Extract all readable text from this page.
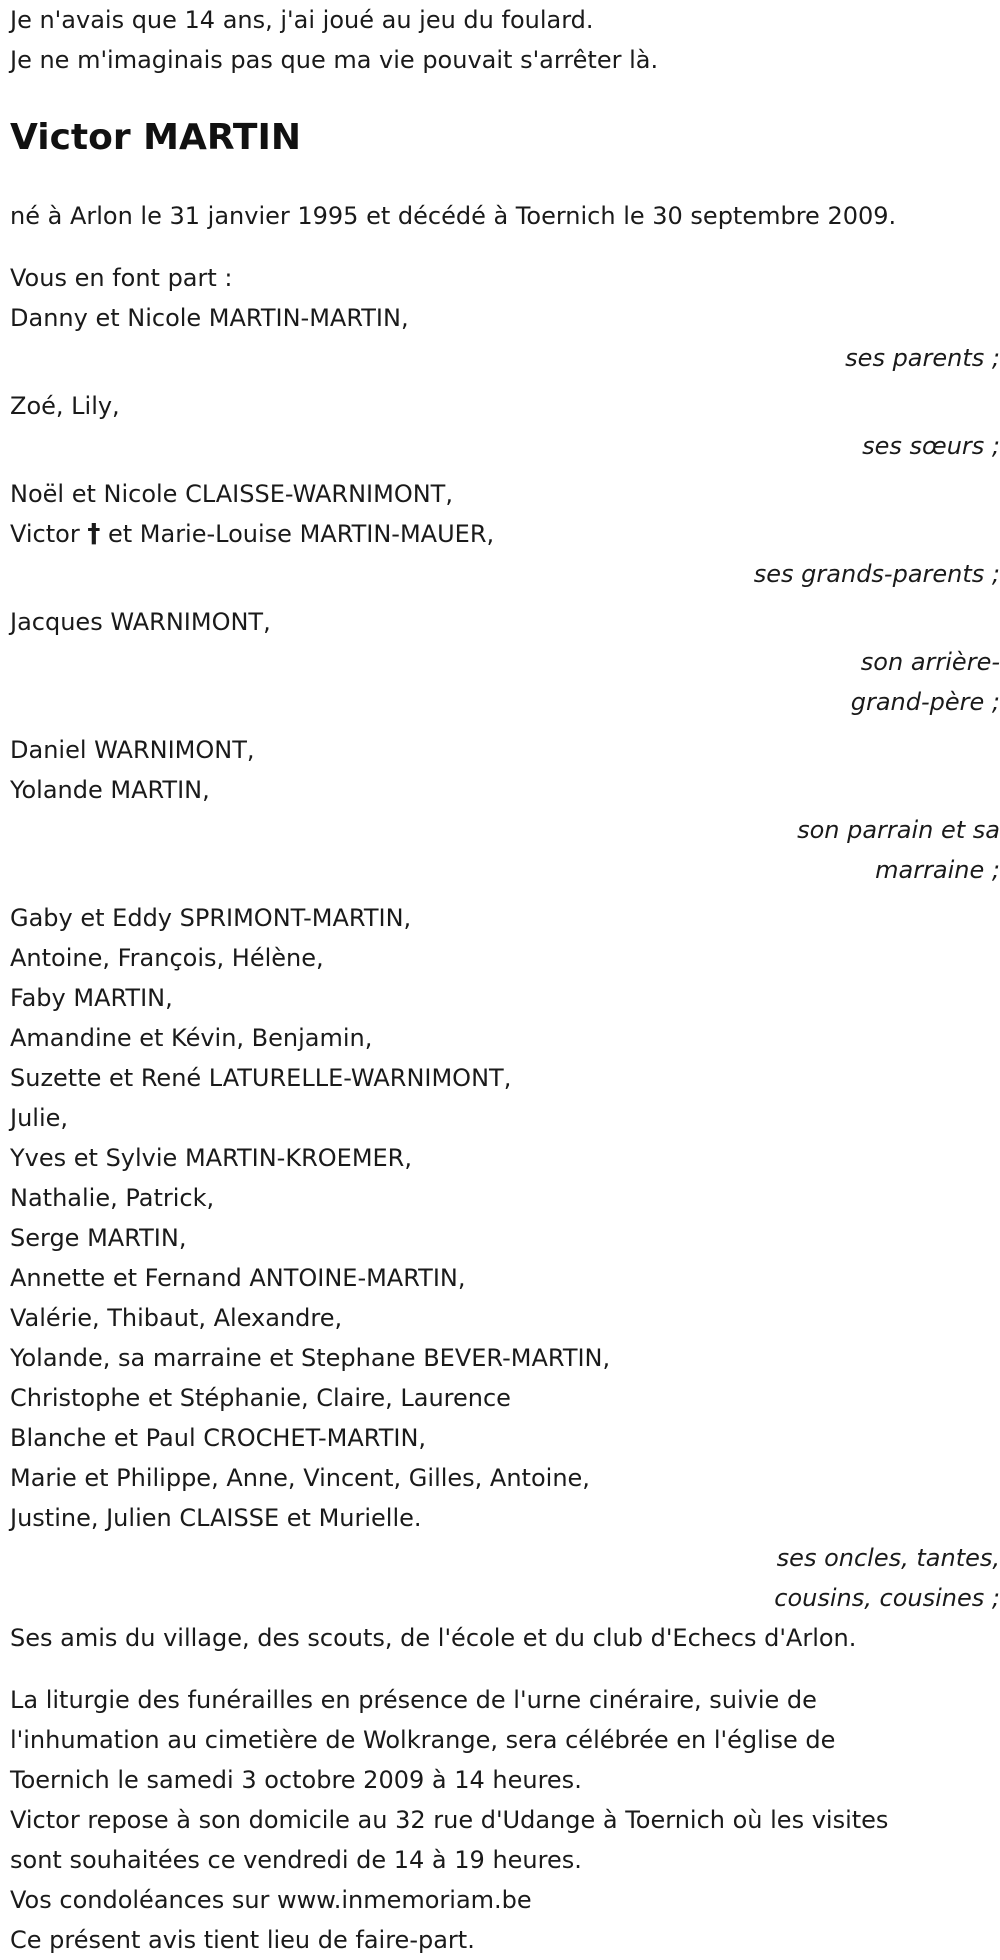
Je n'avais que 14 ans, j'ai joué au jeu du foulard.
Je ne m'imaginais pas que ma vie pouvait s'arrêter là.
Victor MARTIN
né à Arlon le 31 janvier 1995 et décédé à Toernich le 30 septembre 2009.
Vous en font part :
Danny et Nicole MARTIN-MARTIN,
ses parents ;
Zoé, Lily,
ses sœurs ;
Noël et Nicole CLAISSE-WARNIMONT,
Victor † et Marie-Louise MARTIN-MAUER,
ses grands-parents ;
Jacques WARNIMONT,
son arrière-
grand-père ;
Daniel WARNIMONT,
Yolande MARTIN,
son parrain et sa
marraine ;
Gaby et Eddy SPRIMONT-MARTIN,
Antoine, François, Hélène,
Faby MARTIN,
Amandine et Kévin, Benjamin,
Suzette et René LATURELLE-WARNIMONT,
Julie,
Yves et Sylvie MARTIN-KROEMER,
Nathalie, Patrick,
Serge MARTIN,
Annette et Fernand ANTOINE-MARTIN,
Valérie, Thibaut, Alexandre,
Yolande, sa marraine et Stephane BEVER-MARTIN,
Christophe et Stéphanie, Claire, Laurence
Blanche et Paul CROCHET-MARTIN,
Marie et Philippe, Anne, Vincent, Gilles, Antoine,
Justine, Julien CLAISSE et Murielle.
ses oncles, tantes,
cousins, cousines ;
Ses amis du village, des scouts, de l'école et du club d'Echecs d'Arlon.
La liturgie des funérailles en présence de l'urne cinéraire, suivie de
l'inhumation au cimetière de Wolkrange, sera célébrée en l'église de
Toernich le samedi 3 octobre 2009 à 14 heures.
Victor repose à son domicile au 32 rue d'Udange à Toernich où les visites
sont souhaitées ce vendredi de 14 à 19 heures.
Vos condoléances sur www.inmemoriam.be
Ce présent avis tient lieu de faire-part.
